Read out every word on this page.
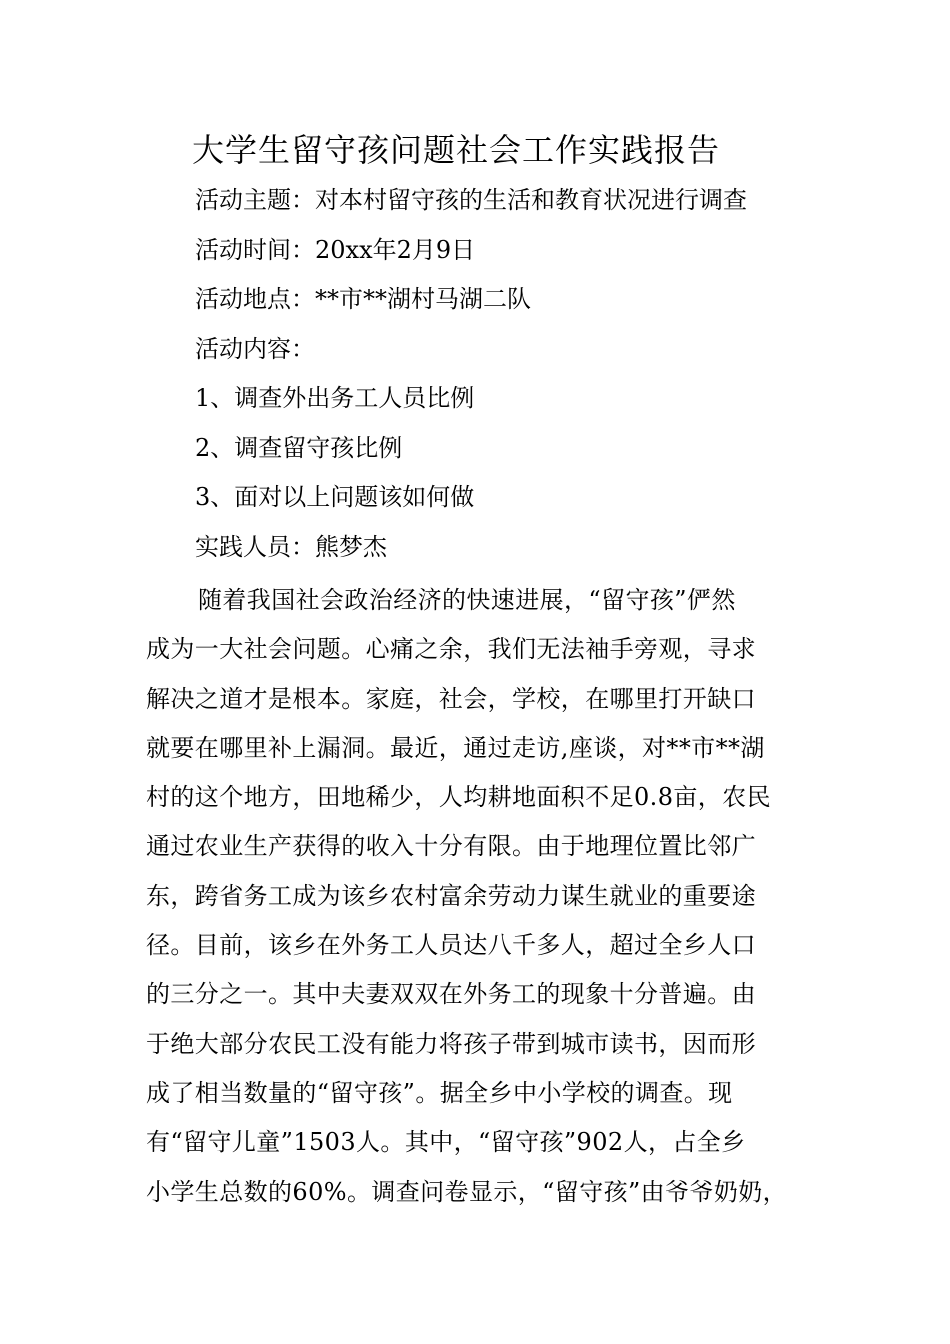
大学生留守孩问题社会工作实践报告
活动主题：对本村留守孩的生活和教育状况进行调查
活动时间：20xx年2月9日
活动地点：**市**湖村马湖二队
活动内容：
1、调查外出务工人员比例
2、调查留守孩比例
3、面对以上问题该如何做
实践人员：熊梦杰
随着我国社会政治经济的快速进展，“留守孩”俨然
成为一大社会问题。心痛之余，我们无法袖手旁观，寻求
解决之道才是根本。家庭，社会，学校，在哪里打开缺口
就要在哪里补上漏洞。最近，通过走访,座谈，对**市**湖
村的这个地方，田地稀少，人均耕地面积不足0.8亩，农民
通过农业生产获得的收入十分有限。由于地理位置比邻广
东，跨省务工成为该乡农村富余劳动力谋生就业的重要途
径。目前，该乡在外务工人员达八千多人，超过全乡人口
的三分之一。其中夫妻双双在外务工的现象十分普遍。由
于绝大部分农民工没有能力将孩子带到城市读书，因而形
成了相当数量的“留守孩”。据全乡中小学校的调查。现
有“留守儿童”1503人。其中，“留守孩”902人，占全乡
小学生总数的60%。调查问卷显示，“留守孩”由爷爷奶奶，
